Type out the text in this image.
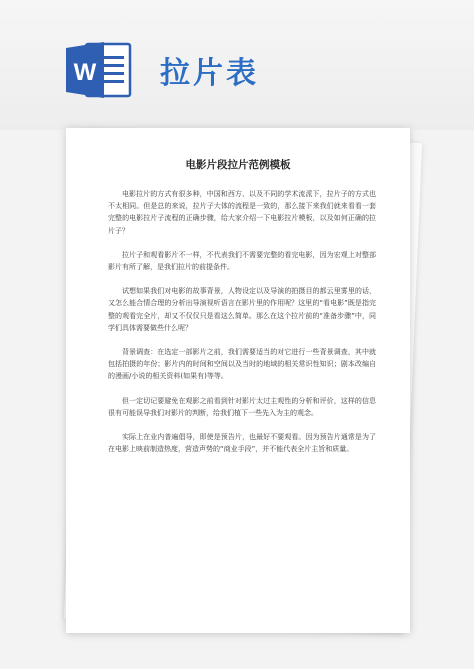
W 拉片表
电影片段拉片范例模板

电影拉片的方式有很多种，中国和西方、以及不同的学术流派下，拉片子的方式也不太相同。但是总的来说，拉片子大体的流程是一致的，那么接下来我们就来看看一套完整的电影拉片子流程的正确步骤，给大家介绍一下电影拉片模板，以及如何正确的拉片子？

拉片子和观看影片不一样，不代表我们不需要完整的看完电影，因为宏观上对整部影片有所了解，是我们拉片的前提条件。

试想如果我们对电影的故事背景，人物设定以及导演的拍摄目的都云里雾里的话，又怎么能合情合理的分析出导演视听语言在影片里的作用呢？这里的“看电影”既是指完整的观看完全片，却又不仅仅只是看这么简单。那么在这个拉片前的“准备步骤”中，同学们具体需要做些什么呢？

背景调查：在选定一部影片之前，我们需要适当的对它进行一些背景调查，其中就包括拍摄的年份；影片内的时间和空间以及当时的地域的相关常识性知识；剧本改编自的漫画/小说的相关资料(如果有)等等。

但一定切记要避免在观影之前看到针对影片太过主观性的分析和评价，这样的信息很有可能误导我们对影片的判断，给我们植下一些先入为主的观念。

实际上在业内普遍倡导，即使是预告片，也最好不要观看。因为预告片通常是为了在电影上映前制造热度，营造声势的“商业手段”，并不能代表全片主旨和质量。
